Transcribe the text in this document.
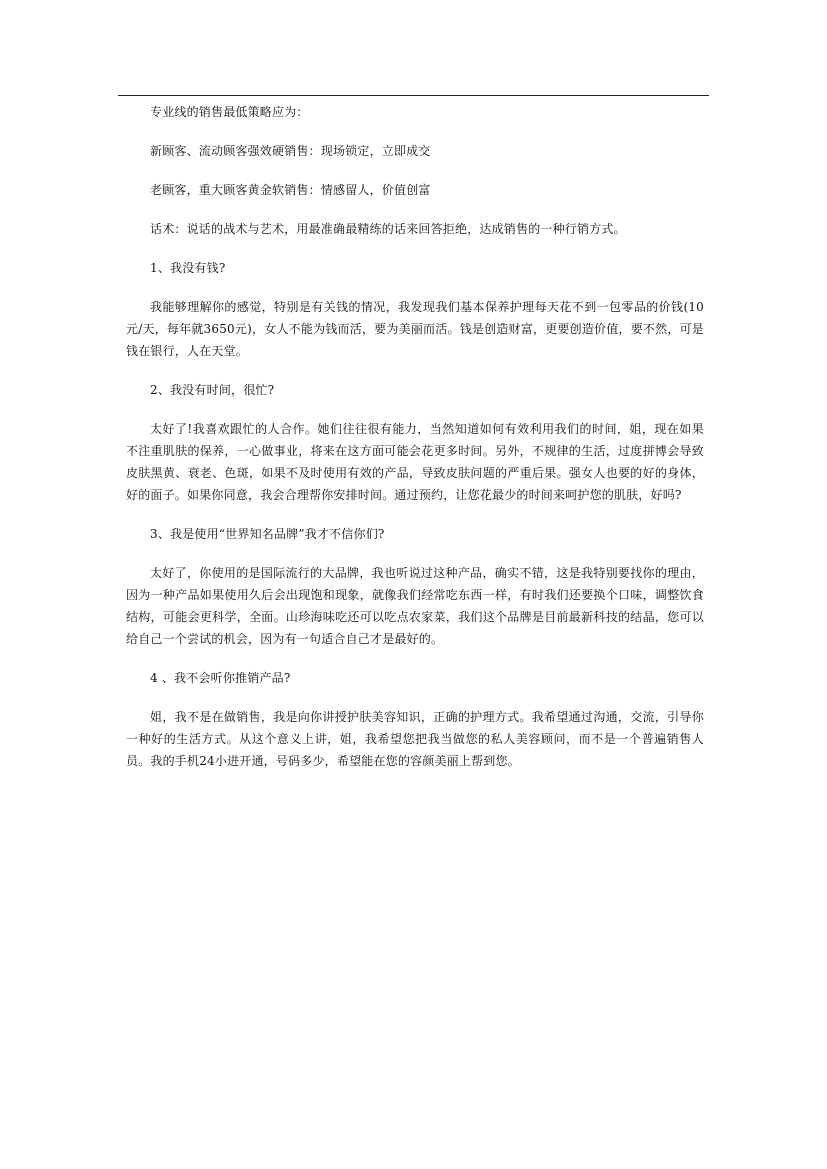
专业线的销售最低策略应为：

新顾客、流动顾客强效硬销售：现场锁定，立即成交

老顾客，重大顾客黄金软销售：情感留人，价值创富

话术：说话的战术与艺术，用最准确最精练的话来回答拒绝，达成销售的一种行销方式。

1、我没有钱?

我能够理解你的感觉，特别是有关钱的情况，我发现我们基本保养护理每天花不到一包零品的价钱(10元/天，每年就3650元)，女人不能为钱而活，要为美丽而活。钱是创造财富，更要创造价值，要不然，可是钱在银行，人在天堂。

2、我没有时间，很忙?

太好了!我喜欢跟忙的人合作。她们往往很有能力，当然知道如何有效利用我们的时间，姐，现在如果不注重肌肤的保养，一心做事业，将来在这方面可能会花更多时间。另外，不规律的生活，过度拼博会导致皮肤黑黄、衰老、色斑，如果不及时使用有效的产品，导致皮肤问题的严重后果。强女人也要的好的身体，好的面子。如果你同意，我会合理帮你安排时间。通过预约，让您花最少的时间来呵护您的肌肤，好吗?

3、我是使用“世界知名品牌”我才不信你们?

太好了，你使用的是国际流行的大品牌，我也听说过这种产品，确实不错，这是我特别要找你的理由，因为一种产品如果使用久后会出现饱和现象，就像我们经常吃东西一样，有时我们还要换个口味，调整饮食结构，可能会更科学，全面。山珍海味吃还可以吃点农家菜，我们这个品牌是目前最新科技的结晶，您可以给自己一个尝试的机会，因为有一句适合自己才是最好的。

4 、我不会听你推销产品?

姐，我不是在做销售，我是向你讲授护肤美容知识，正确的护理方式。我希望通过沟通，交流，引导你一种好的生活方式。从这个意义上讲，姐，我希望您把我当做您的私人美容顾问，而不是一个普遍销售人员。我的手机24小进开通，号码多少，希望能在您的容颜美丽上帮到您。
